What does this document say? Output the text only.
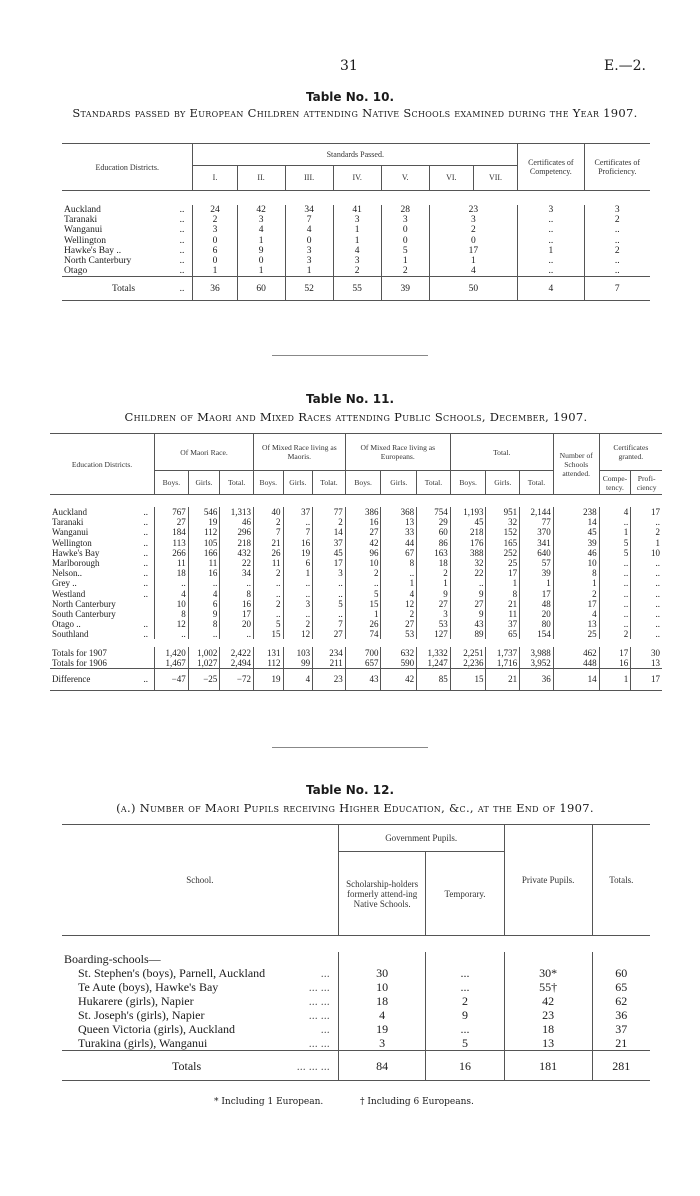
31	E.—2.
Table No. 10.
Standards passed by European Children attending Native Schools examined during the Year 1907.
Education Districts.	Standards Passed.							Certificates of Competency.	Certificates of Proficiency.
	I.	II.	III.	IV.	V.	VI.	VII.		

Auckland ..	24	42	34	41	28	23		3	3
Taranaki ..	2	3	7	3	3	3		..	2
Wanganui ..	3	4	4	1	0	2		..	..
Wellington ..	0	1	0	1	0	0		..	..
Hawke's Bay .. ..	6	9	3	4	5	17		1	2
North Canterbury ..	0	0	3	3	1	1		..	..
Otago ..	1	1	1	2	2	4		..	..
Totals ..	36	60	52	55	39	50		4	7
Table No. 11.
Children of Maori and Mixed Races attending Public Schools, December, 1907.
Education Districts.	Of Maori Race.			Of Mixed Race living as Maoris.			Of Mixed Race living as Europeans.			Total.			Number of Schools attended.	Certificates granted.	
	Boys.	Girls.	Total.	Boys.	Girls.	Tolat.	Boys.	Girls.	Total.	Boys.	Girls.	Total.		Compe-tency.	Profi-ciency

Auckland ..	767	546	1,313	40	37	77	386	368	754	1,193	951	2,144	238	4	17
Taranaki ..	27	19	46	2	..	2	16	13	29	45	32	77	14	..	..
Wanganui ..	184	112	296	7	7	14	27	33	60	218	152	370	45	1	2
Wellington ..	113	105	218	21	16	37	42	44	86	176	165	341	39	5	1
Hawke's Bay ..	266	166	432	26	19	45	96	67	163	388	252	640	46	5	10
Marlborough ..	11	11	22	11	6	17	10	8	18	32	25	57	10	..	..
Nelson.. ..	18	16	34	2	1	3	2	..	2	22	17	39	8	..	..
Grey .. ..	..	..	..	..	..	..	..	1	1	..	1	1	1	..	..
Westland ..	4	4	8	..	..	..	5	4	9	9	8	17	2	..	..
North Canterbury	10	6	16	2	3	5	15	12	27	27	21	48	17	..	..
South Canterbury	8	9	17	..	..	..	1	2	3	9	11	20	4	..	..
Otago .. ..	12	8	20	5	2	7	26	27	53	43	37	80	13	..	..
Southland ..	..	..	..	15	12	27	74	53	127	89	65	154	25	2	..

Totals for 1907	1,420	1,002	2,422	131	103	234	700	632	1,332	2,251	1,737	3,988	462	17	30
Totals for 1906	1,467	1,027	2,494	112	99	211	657	590	1,247	2,236	1,716	3,952	448	16	13
Difference ..	−47	−25	−72	19	4	23	43	42	85	15	21	36	14	1	17
Table No. 12.
(a.) Number of Maori Pupils receiving Higher Education, &c., at the End of 1907.
School.	Government Pupils.		Private Pupils.	Totals.
	Scholarship-holders formerly attend-ing Native Schools.	Temporary.		

Boarding-schools—				
St. Stephen's (boys), Parnell, Auckland ...	30	...	30*	60
Te Aute (boys), Hawke's Bay ... ...	10	...	55†	65
Hukarere (girls), Napier ... ...	18	2	42	62
St. Joseph's (girls), Napier ... ...	4	9	23	36
Queen Victoria (girls), Auckland ...	19	...	18	37
Turakina (girls), Wanganui ... ...	3	5	13	21
Totals ... ... ...	84	16	181	281
* Including 1 European.	† Including 6 Europeans.
